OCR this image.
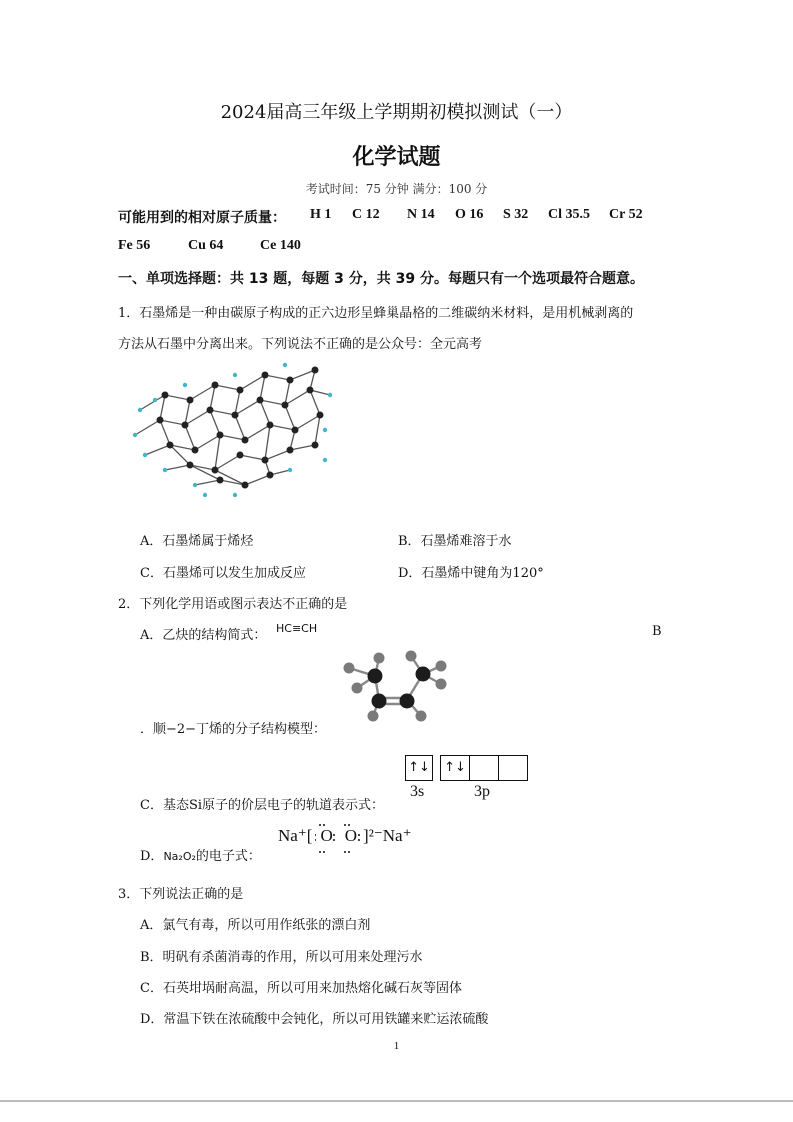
2024届高三年级上学期期初模拟测试（一）
化学试题
考试时间：75 分钟 满分：100 分
可能用到的相对原子质量： H 1 C 12 N 14 O 16 S 32 Cl 35.5 Cr 52
Fe 56	Cu 64	Ce 140
一、单项选择题：共 13 题，每题 3 分，共 39 分。每题只有一个选项最符合题意。
1．石墨烯是一种由碳原子构成的正六边形呈蜂巢晶格的二维碳纳米材料，是用机械剥离的
方法从石墨中分离出来。下列说法不正确的是公众号：全元高考
A．石墨烯属于烯烃	B．石墨烯难溶于水
C．石墨烯可以发生加成反应	D．石墨烯中键角为120°
2．下列化学用语或图示表达不正确的是
A．乙炔的结构简式： HC≡CH	B
．顺−2−丁烯的分子结构模型：
↑↓	↑↓
3s	3p
C．基态Si原子的价层电子的轨道表示式：
D．Na₂O₂的电子式：
Na⁺[ O O ]²⁻Na⁺
3．下列说法正确的是
A．氯气有毒，所以可用作纸张的漂白剂
B．明矾有杀菌消毒的作用，所以可用来处理污水
C．石英坩埚耐高温，所以可用来加热熔化碱石灰等固体
D．常温下铁在浓硫酸中会钝化，所以可用铁罐来贮运浓硫酸
1
